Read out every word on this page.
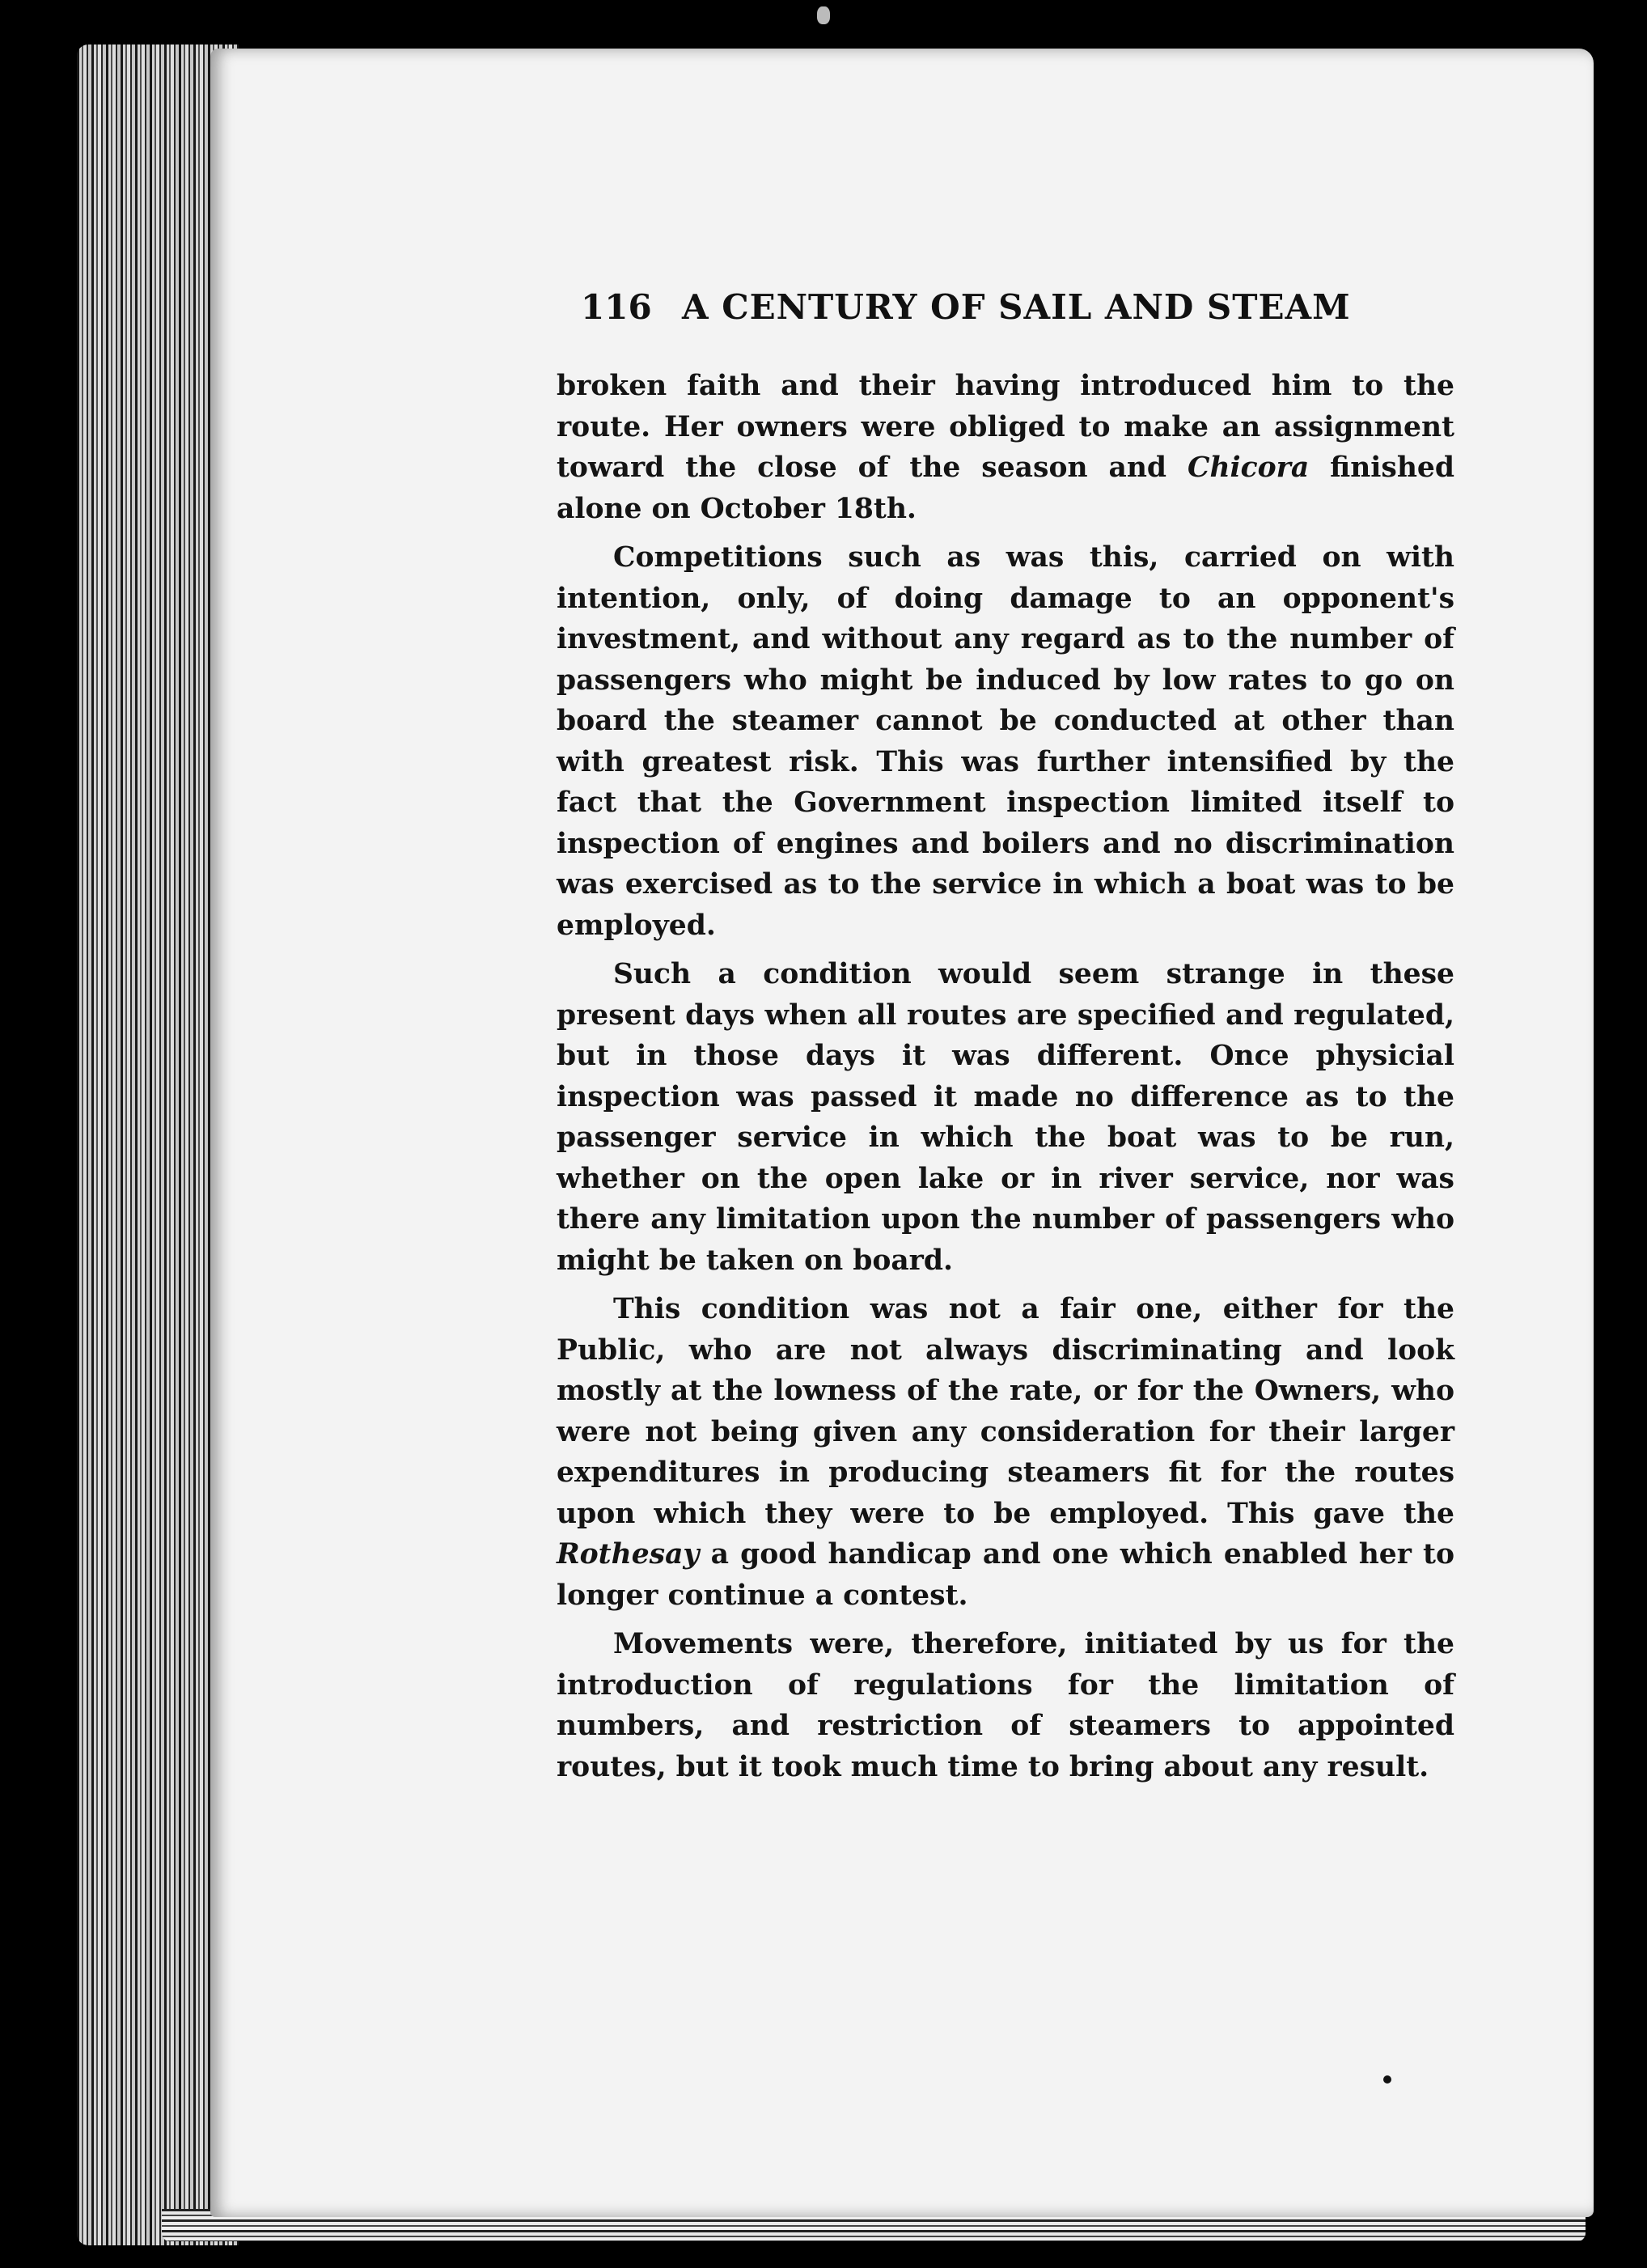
116 A CENTURY OF SAIL AND STEAM

broken faith and their having introduced him to the route. Her owners were obliged to make an assignment toward the close of the season and Chicora finished alone on October 18th.

Competitions such as was this, carried on with intention, only, of doing damage to an opponent's investment, and without any regard as to the number of passengers who might be induced by low rates to go on board the steamer cannot be conducted at other than with greatest risk. This was further intensified by the fact that the Government inspection limited itself to inspection of engines and boilers and no discrimination was exercised as to the service in which a boat was to be employed.

Such a condition would seem strange in these present days when all routes are specified and regulated, but in those days it was different. Once physicial inspection was passed it made no difference as to the passenger service in which the boat was to be run, whether on the open lake or in river service, nor was there any limitation upon the number of passengers who might be taken on board.

This condition was not a fair one, either for the Public, who are not always discriminating and look mostly at the lowness of the rate, or for the Owners, who were not being given any consideration for their larger expenditures in producing steamers fit for the routes upon which they were to be employed. This gave the Rothesay a good handicap and one which enabled her to longer continue a contest.

Movements were, therefore, initiated by us for the introduction of regulations for the limitation of numbers, and restriction of steamers to appointed routes, but it took much time to bring about any result.
